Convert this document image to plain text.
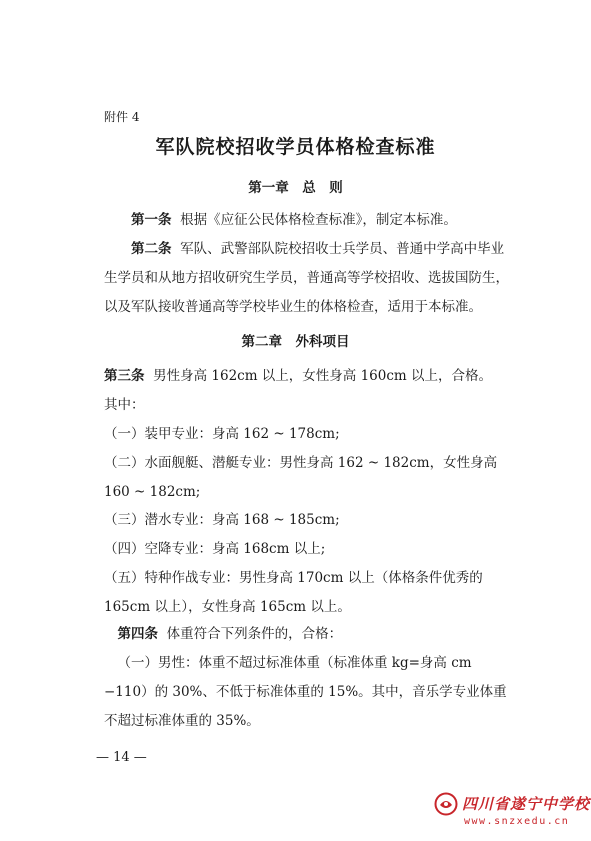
附件 4
军队院校招收学员体格检查标准
第一章　总　则

第一条 根据《应征公民体格检查标准》，制定本标准。

第二条 军队、武警部队院校招收士兵学员、普通中学高中毕业生学员和从地方招收研究生学员，普通高等学校招收、选拔国防生，以及军队接收普通高等学校毕业生的体格检查，适用于本标准。

第二章　外科项目

第三条 男性身高 162cm 以上，女性身高 160cm 以上，合格。

其中：

（一）装甲专业：身高 162 ~ 178cm;

（二）水面舰艇、潜艇专业：男性身高 162 ~ 182cm，女性身高 160 ~ 182cm;

（三）潜水专业：身高 168 ~ 185cm;

（四）空降专业：身高 168cm 以上;

（五）特种作战专业：男性身高 170cm 以上（体格条件优秀的 165cm 以上），女性身高 165cm 以上。

第四条 体重符合下列条件的，合格：

（一）男性：体重不超过标准体重（标准体重 kg=身高 cm −110）的 30%、不低于标准体重的 15%。其中，音乐学专业体重不超过标准体重的 35%。

— 14 —
四川省遂宁中学校
www.snzxedu.cn
